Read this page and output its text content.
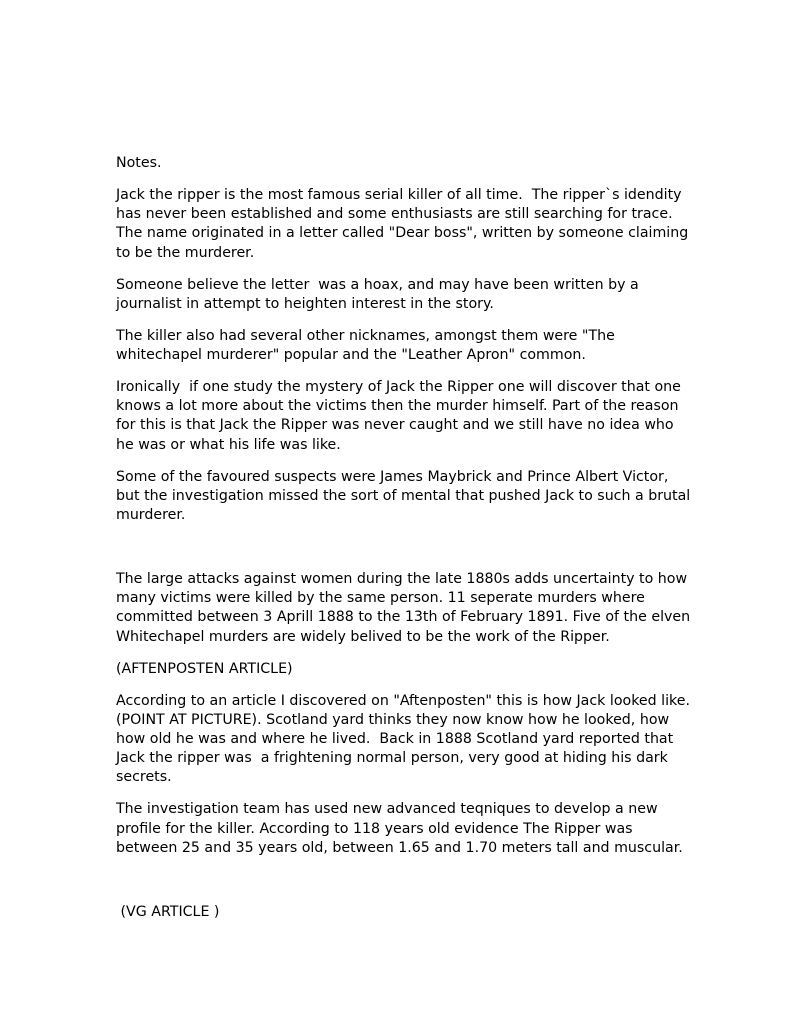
Notes.

Jack the ripper is the most famous serial killer of all time.  The ripper`s idendity has never been established and some enthusiasts are still searching for trace. The name originated in a letter called "Dear boss", written by someone claiming to be the murderer.

Someone believe the letter  was a hoax, and may have been written by a journalist in attempt to heighten interest in the story.

The killer also had several other nicknames, amongst them were "The whitechapel murderer" popular and the "Leather Apron" common.

Ironically  if one study the mystery of Jack the Ripper one will discover that one knows a lot more about the victims then the murder himself. Part of the reason for this is that Jack the Ripper was never caught and we still have no idea who he was or what his life was like.

Some of the favoured suspects were James Maybrick and Prince Albert Victor, but the investigation missed the sort of mental that pushed Jack to such a brutal murderer.

The large attacks against women during the late 1880s adds uncertainty to how many victims were killed by the same person. 11 seperate murders where committed between 3 Aprill 1888 to the 13th of February 1891. Five of the elven Whitechapel murders are widely belived to be the work of the Ripper.

(AFTENPOSTEN ARTICLE)

According to an article I discovered on "Aftenposten" this is how Jack looked like. (POINT AT PICTURE). Scotland yard thinks they now know how he looked, how how old he was and where he lived.  Back in 1888 Scotland yard reported that Jack the ripper was  a frightening normal person, very good at hiding his dark secrets.

The investigation team has used new advanced teqniques to develop a new profile for the killer. According to 118 years old evidence The Ripper was between 25 and 35 years old, between 1.65 and 1.70 meters tall and muscular.

(VG ARTICLE )
